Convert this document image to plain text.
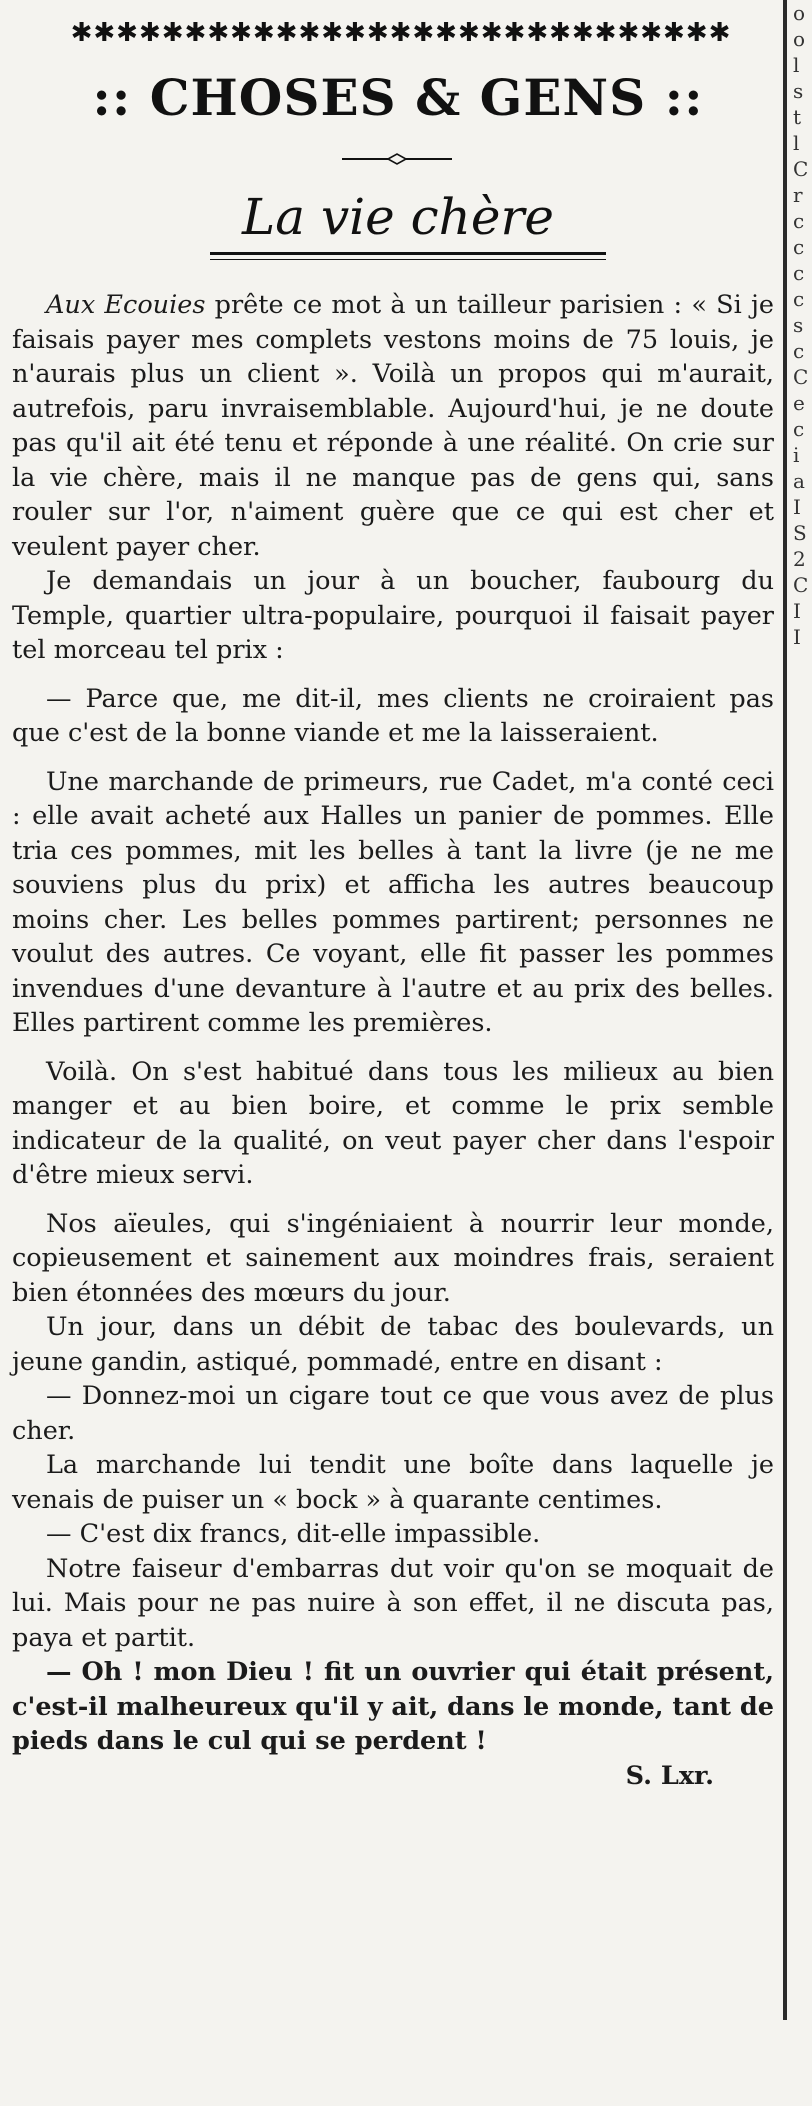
✱✱✱✱✱✱✱✱✱✱✱✱✱✱✱✱✱✱✱✱✱✱✱✱✱✱✱✱✱
:: CHOSES & GENS ::
La vie chère

Aux Ecouies prête ce mot à un tailleur parisien : « Si je faisais payer mes complets vestons moins de 75 louis, je n'aurais plus un client ». Voilà un propos qui m'aurait, autrefois, paru invraisemblable. Aujourd'hui, je ne doute pas qu'il ait été tenu et réponde à une réalité. On crie sur la vie chère, mais il ne manque pas de gens qui, sans rouler sur l'or, n'aiment guère que ce qui est cher et veulent payer cher.

Je demandais un jour à un boucher, faubourg du Temple, quartier ultra-populaire, pourquoi il faisait payer tel morceau tel prix :

— Parce que, me dit-il, mes clients ne croiraient pas que c'est de la bonne viande et me la laisseraient.

Une marchande de primeurs, rue Cadet, m'a conté ceci : elle avait acheté aux Halles un panier de pommes. Elle tria ces pommes, mit les belles à tant la livre (je ne me souviens plus du prix) et afficha les autres beaucoup moins cher. Les belles pommes partirent; personnes ne voulut des autres. Ce voyant, elle fit passer les pommes invendues d'une devanture à l'autre et au prix des belles. Elles partirent comme les premières.

Voilà. On s'est habitué dans tous les milieux au bien manger et au bien boire, et comme le prix semble indicateur de la qualité, on veut payer cher dans l'espoir d'être mieux servi.

Nos aïeules, qui s'ingéniaient à nourrir leur monde, copieusement et sainement aux moindres frais, seraient bien étonnées des mœurs du jour.

Un jour, dans un débit de tabac des boulevards, un jeune gandin, astiqué, pommadé, entre en disant :

— Donnez-moi un cigare tout ce que vous avez de plus cher.

La marchande lui tendit une boîte dans laquelle je venais de puiser un « bock » à quarante centimes.

— C'est dix francs, dit-elle impassible.

Notre faiseur d'embarras dut voir qu'on se moquait de lui. Mais pour ne pas nuire à son effet, il ne discuta pas, paya et partit.

— Oh ! mon Dieu ! fit un ouvrier qui était présent, c'est-il malheureux qu'il y ait, dans le monde, tant de pieds dans le cul qui se perdent !

S. Lxr.

o
o
l
s
t
l
C
r
c
c
c
c
s
c
C
e
c
i
a
I
S
2
C
I
I
